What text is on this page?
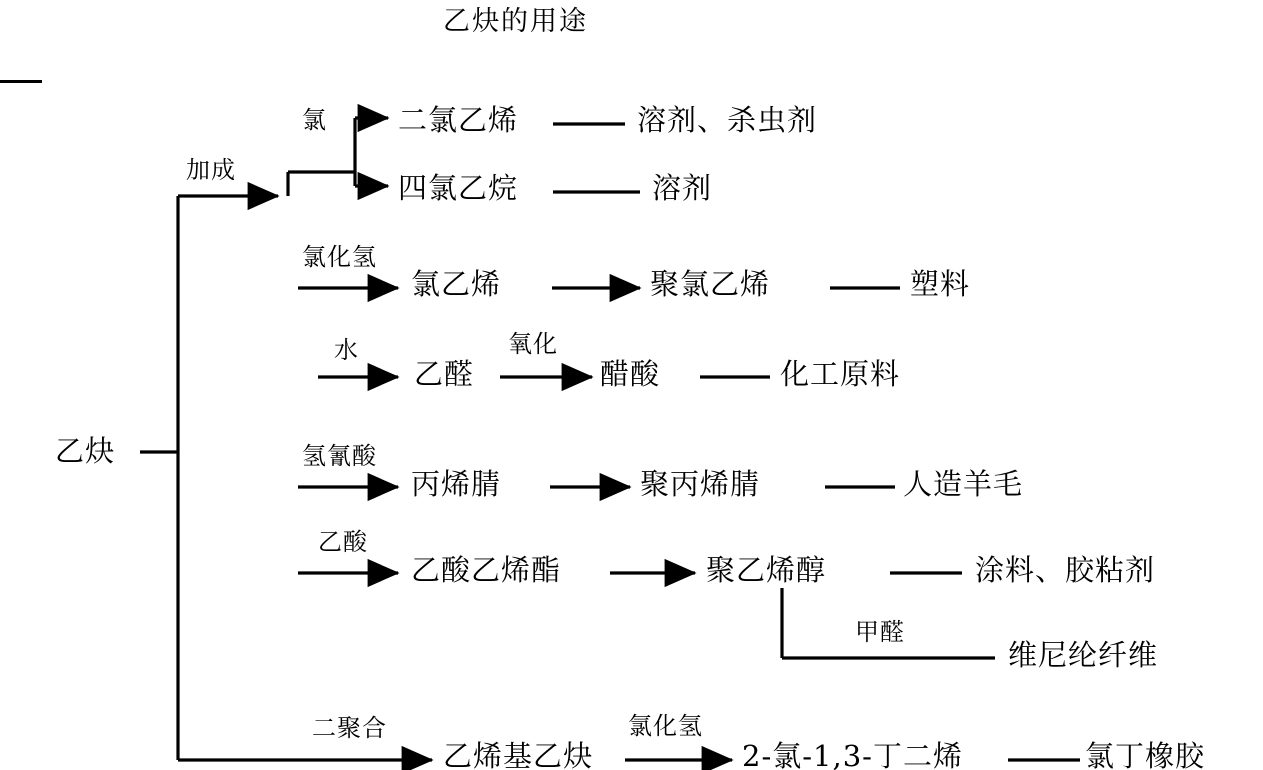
乙炔的用途
乙炔
加成
氯 二氯乙烯	溶剂、杀虫剂
四氯乙烷	溶剂
氯化氢
氯乙烯	聚氯乙烯	塑料
水
乙醛
氧化
醋酸	化工原料
氢氰酸
丙烯腈	聚丙烯腈	人造羊毛
乙酸
乙酸乙烯酯	聚乙烯醇	涂料、胶粘剂
甲醛
维尼纶纤维
二聚合
乙烯基乙炔
氯化氢
2-氯-1,3-丁二烯	氯丁橡胶
